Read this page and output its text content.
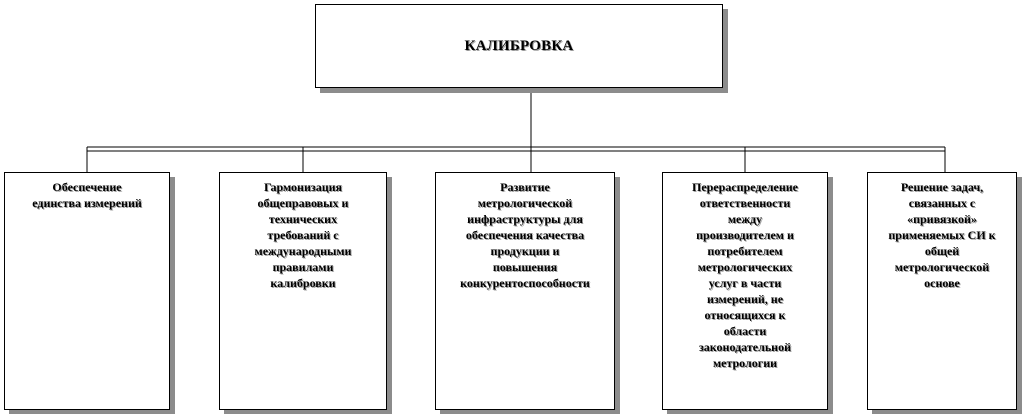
КАЛИБРОВКА
Обеспечение
единства измерений
Гармонизация
общеправовых и
технических
требований с
международными
правилами
калибровки
Развитие
метрологической
инфраструктуры для
обеспечения качества
продукции и
повышения
конкурентоспособности
Перераспределение
ответственности
между
производителем и
потребителем
метрологических
услуг в части
измерений, не
относящихся к
области
законодательной
метрологии
Решение задач,
связанных с
«привязкой»
применяемых СИ к
общей
метрологической
основе
